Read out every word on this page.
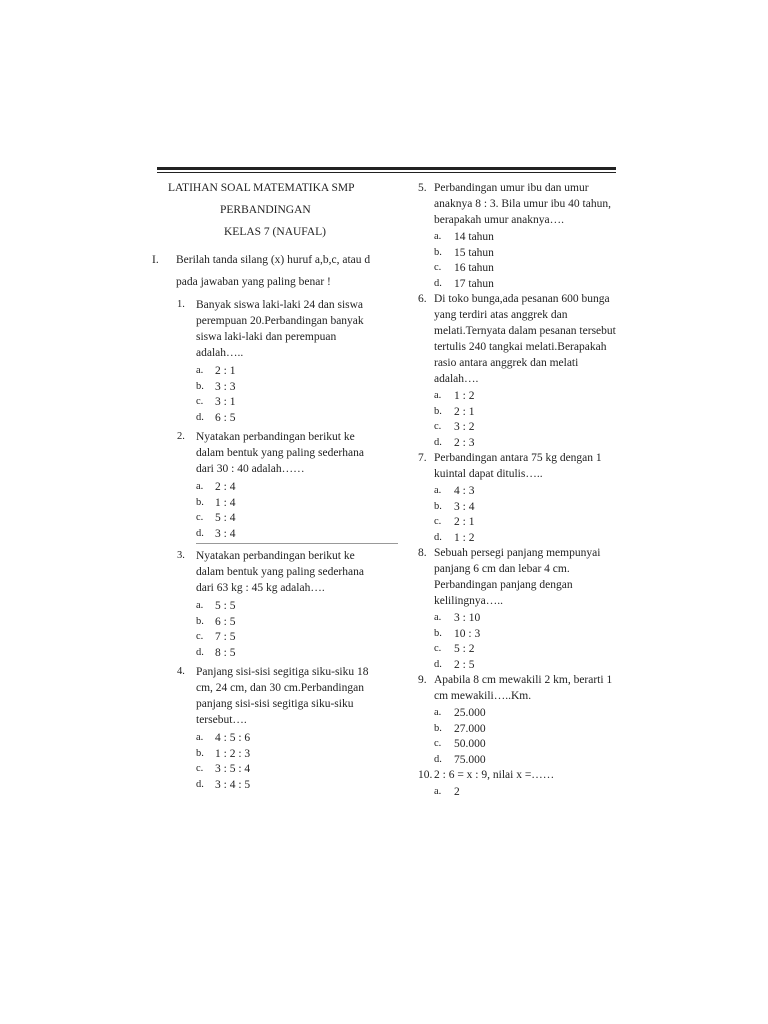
LATIHAN SOAL MATEMATIKA SMP

PERBANDINGAN

KELAS 7 (NAUFAL)

I.	Berilah tanda silang (x) huruf a,b,c, atau d pada jawaban yang paling benar !
1. Banyak siswa laki-laki 24 dan siswa perempuan 20.Perbandingan banyak siswa laki-laki dan perempuan adalah…..
a.	2 : 1
b. 3 : 3
c.	3 : 1
d. 6 : 5
2. Nyatakan perbandingan berikut ke dalam bentuk yang paling sederhana dari 30 : 40 adalah……
a.	2 : 4
b. 1 : 4
c.	5 : 4
d. 3 : 4
3. Nyatakan perbandingan berikut ke dalam bentuk yang paling sederhana dari 63 kg : 45 kg adalah….
a.	5 : 5
b. 6 : 5
c.	7 : 5
d. 8 : 5
4. Panjang sisi-sisi segitiga siku-siku 18 cm, 24 cm, dan 30 cm.Perbandingan panjang sisi-sisi segitiga siku-siku tersebut….
a.	4 : 5 : 6
b. 1 : 2 : 3
c.	3 : 5 : 4
d. 3 : 4 : 5
5. Perbandingan umur ibu dan umur anaknya 8 : 3. Bila umur ibu 40 tahun, berapakah umur anaknya….
a.	14 tahun
b.	15 tahun
c.	16 tahun
d.	17 tahun
6. Di toko bunga,ada pesanan 600 bunga yang terdiri atas anggrek dan melati.Ternyata dalam pesanan tersebut tertulis 240 tangkai melati.Berapakah rasio antara anggrek dan melati adalah….
a.	1 : 2
b.	2 : 1
c.	3 : 2
d.	2 : 3
7. Perbandingan antara 75 kg dengan 1 kuintal dapat ditulis…..
a.	4 : 3
b.	3 : 4
c.	2 : 1
d.	1 : 2
8. Sebuah persegi panjang mempunyai panjang 6 cm dan lebar 4 cm. Perbandingan panjang dengan kelilingnya…..
a.	3 : 10
b.	10 : 3
c.	5 : 2
d.	2 : 5
9. Apabila 8 cm mewakili 2 km, berarti 1 cm mewakili…..Km.
a.	25.000
b.	27.000
c.	50.000
d.	75.000
10. 2 : 6 = x : 9, nilai x =……
a.	2
